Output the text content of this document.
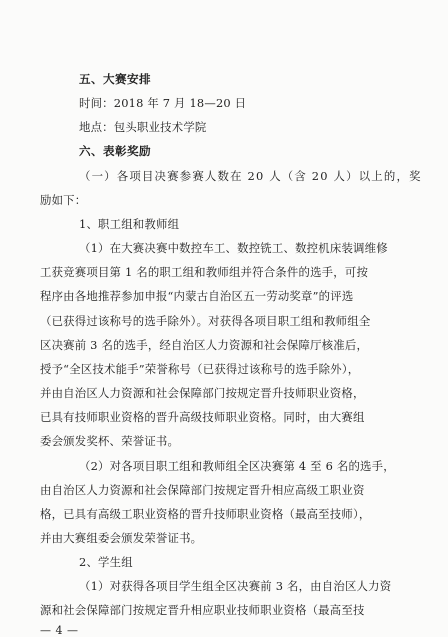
五、大赛安排
时间：2018 年 7 月 18—20 日
地点：包头职业技术学院
六、表彰奖励
（一）各项目决赛参赛人数在 20 人（含 20 人）以上的，奖
励如下：
1、职工组和教师组
（1）在大赛决赛中数控车工、数控铣工、数控机床装调维修
工获竞赛项目第 1 名的职工组和教师组并符合条件的选手，可按
程序由各地推荐参加申报“内蒙古自治区五一劳动奖章”的评选
（已获得过该称号的选手除外）。对获得各项目职工组和教师组全
区决赛前 3 名的选手，经自治区人力资源和社会保障厅核准后，
授予“全区技术能手”荣誉称号（已获得过该称号的选手除外），
并由自治区人力资源和社会保障部门按规定晋升技师职业资格，
已具有技师职业资格的晋升高级技师职业资格。同时，由大赛组
委会颁发奖杯、荣誉证书。
（2）对各项目职工组和教师组全区决赛第 4 至 6 名的选手，
由自治区人力资源和社会保障部门按规定晋升相应高级工职业资
格，已具有高级工职业资格的晋升技师职业资格（最高至技师），
并由大赛组委会颁发荣誉证书。
2、学生组
（1）对获得各项目学生组全区决赛前 3 名，由自治区人力资
源和社会保障部门按规定晋升相应职业技师职业资格（最高至技
— 4 —
